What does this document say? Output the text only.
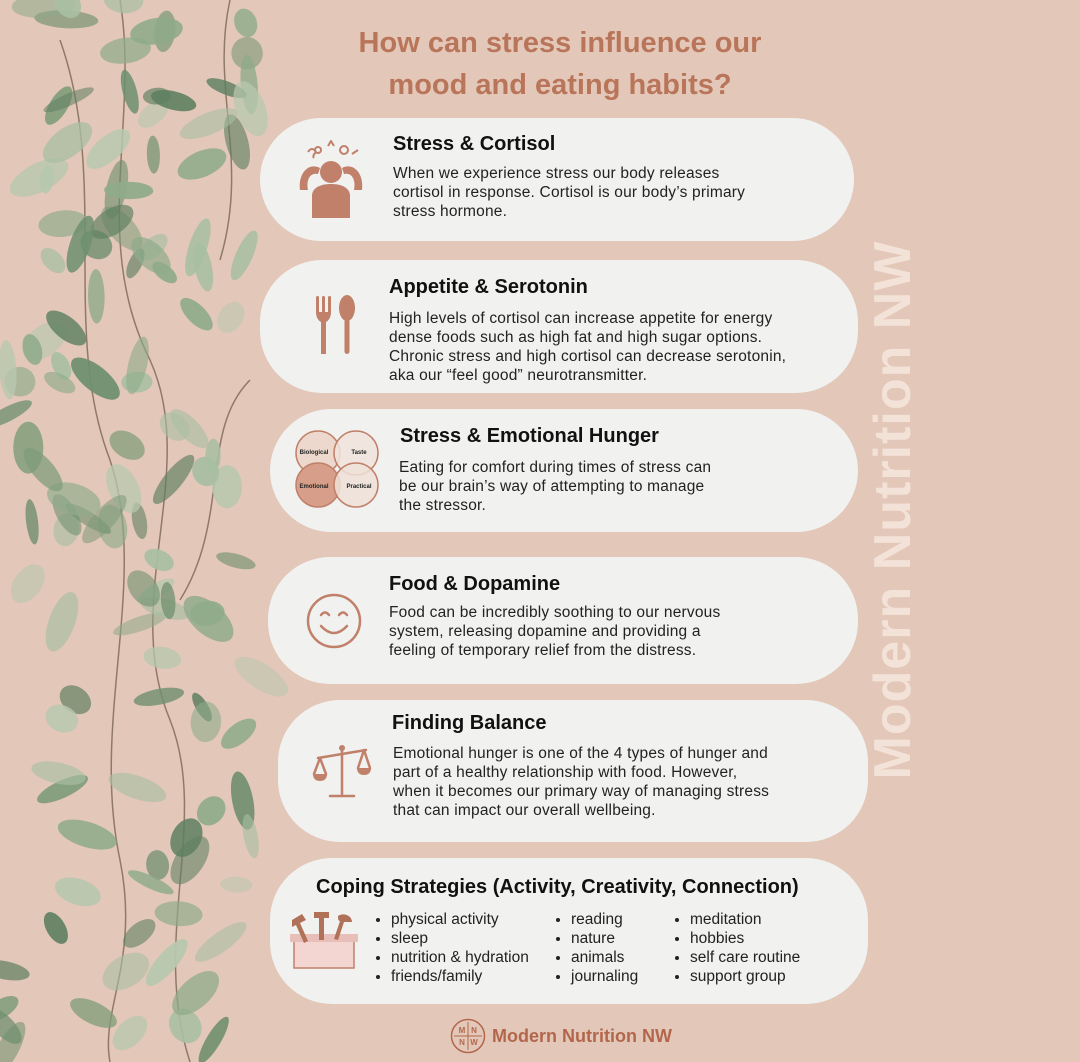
How can stress influence our
mood and eating habits?
Stress & Cortisol

When we experience stress our body releases
cortisol in response. Cortisol is our body’s primary
stress hormone.

Appetite & Serotonin

High levels of cortisol can increase appetite for energy
dense foods such as high fat and high sugar options.
Chronic stress and high cortisol can decrease serotonin,
aka our “feel good” neurotransmitter.

Biological	Taste
Emotional	Practical
Stress & Emotional Hunger

Eating for comfort during times of stress can
be our brain’s way of attempting to manage
the stressor.

Food & Dopamine

Food can be incredibly soothing to our nervous
system, releasing dopamine and providing a
feeling of temporary relief from the distress.

Finding Balance

Emotional hunger is one of the 4 types of hunger and
part of a healthy relationship with food. However,
when it becomes our primary way of managing stress
that can impact our overall wellbeing.

Coping Strategies (Activity, Creativity, Connection)
• physical activity
• sleep
• nutrition & hydration
• friends/family
• reading
• nature
• animals
• journaling
• meditation
• hobbies
• self care routine
• support group
Modern Nutrition NW
M N
N W Modern Nutrition NW
